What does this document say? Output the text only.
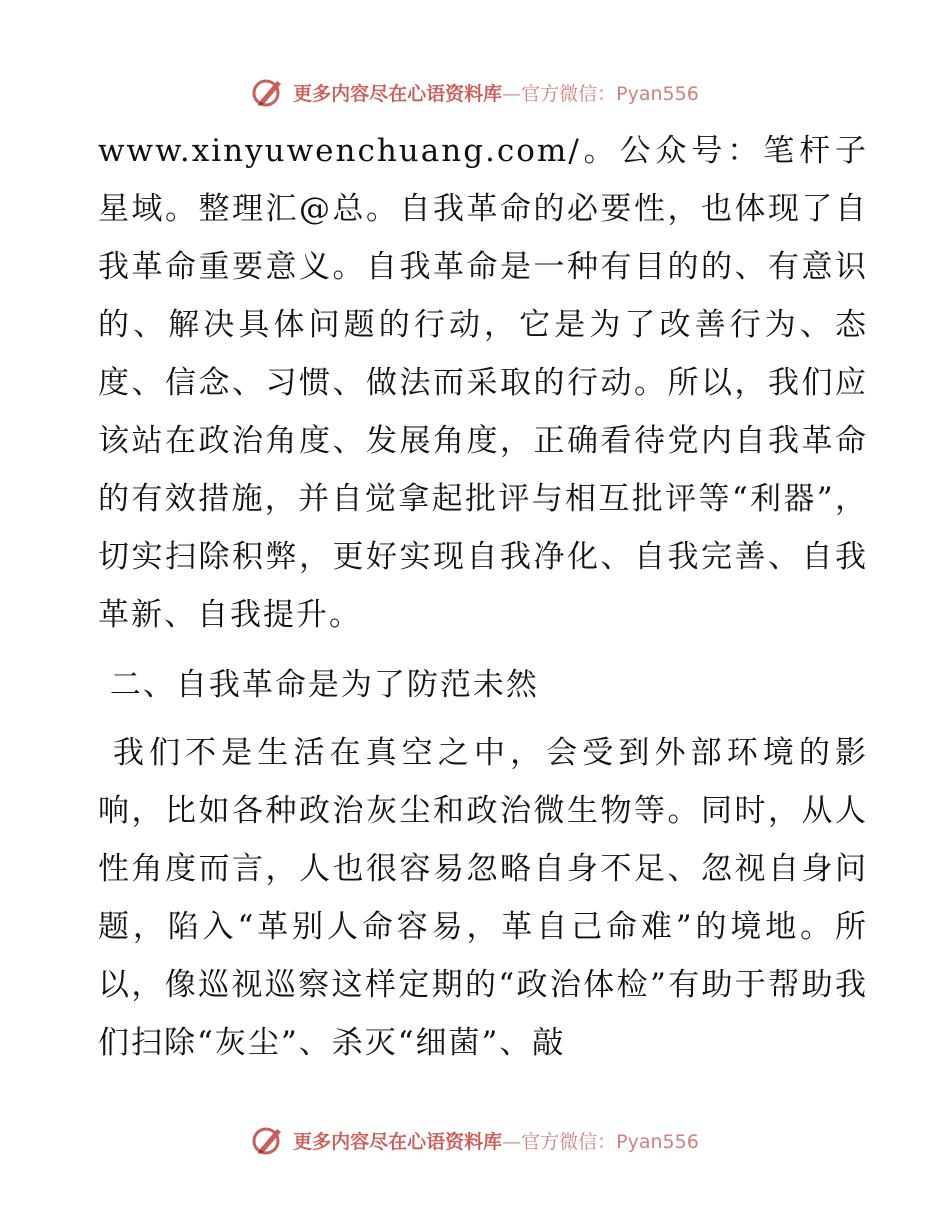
更多内容尽在心语资料库—官方微信：Pyan556

www.xinyuwenchuang.com/。公众号：笔杆子星域。整理汇@总。自我革命的必要性，也体现了自我革命重要意义。自我革命是一种有目的的、有意识的、解决具体问题的行动，它是为了改善行为、态度、信念、习惯、做法而采取的行动。所以，我们应该站在政治角度、发展角度，正确看待党内自我革命的有效措施，并自觉拿起批评与相互批评等“利器”，切实扫除积弊，更好实现自我净化、自我完善、自我革新、自我提升。

二、自我革命是为了防范未然

我们不是生活在真空之中，会受到外部环境的影响，比如各种政治灰尘和政治微生物等。同时，从人性角度而言，人也很容易忽略自身不足、忽视自身问题，陷入“革别人命容易，革自己命难”的境地。所以，像巡视巡察这样定期的“政治体检”有助于帮助我们扫除“灰尘”、杀灭“细菌”、敲

更多内容尽在心语资料库—官方微信：Pyan556
